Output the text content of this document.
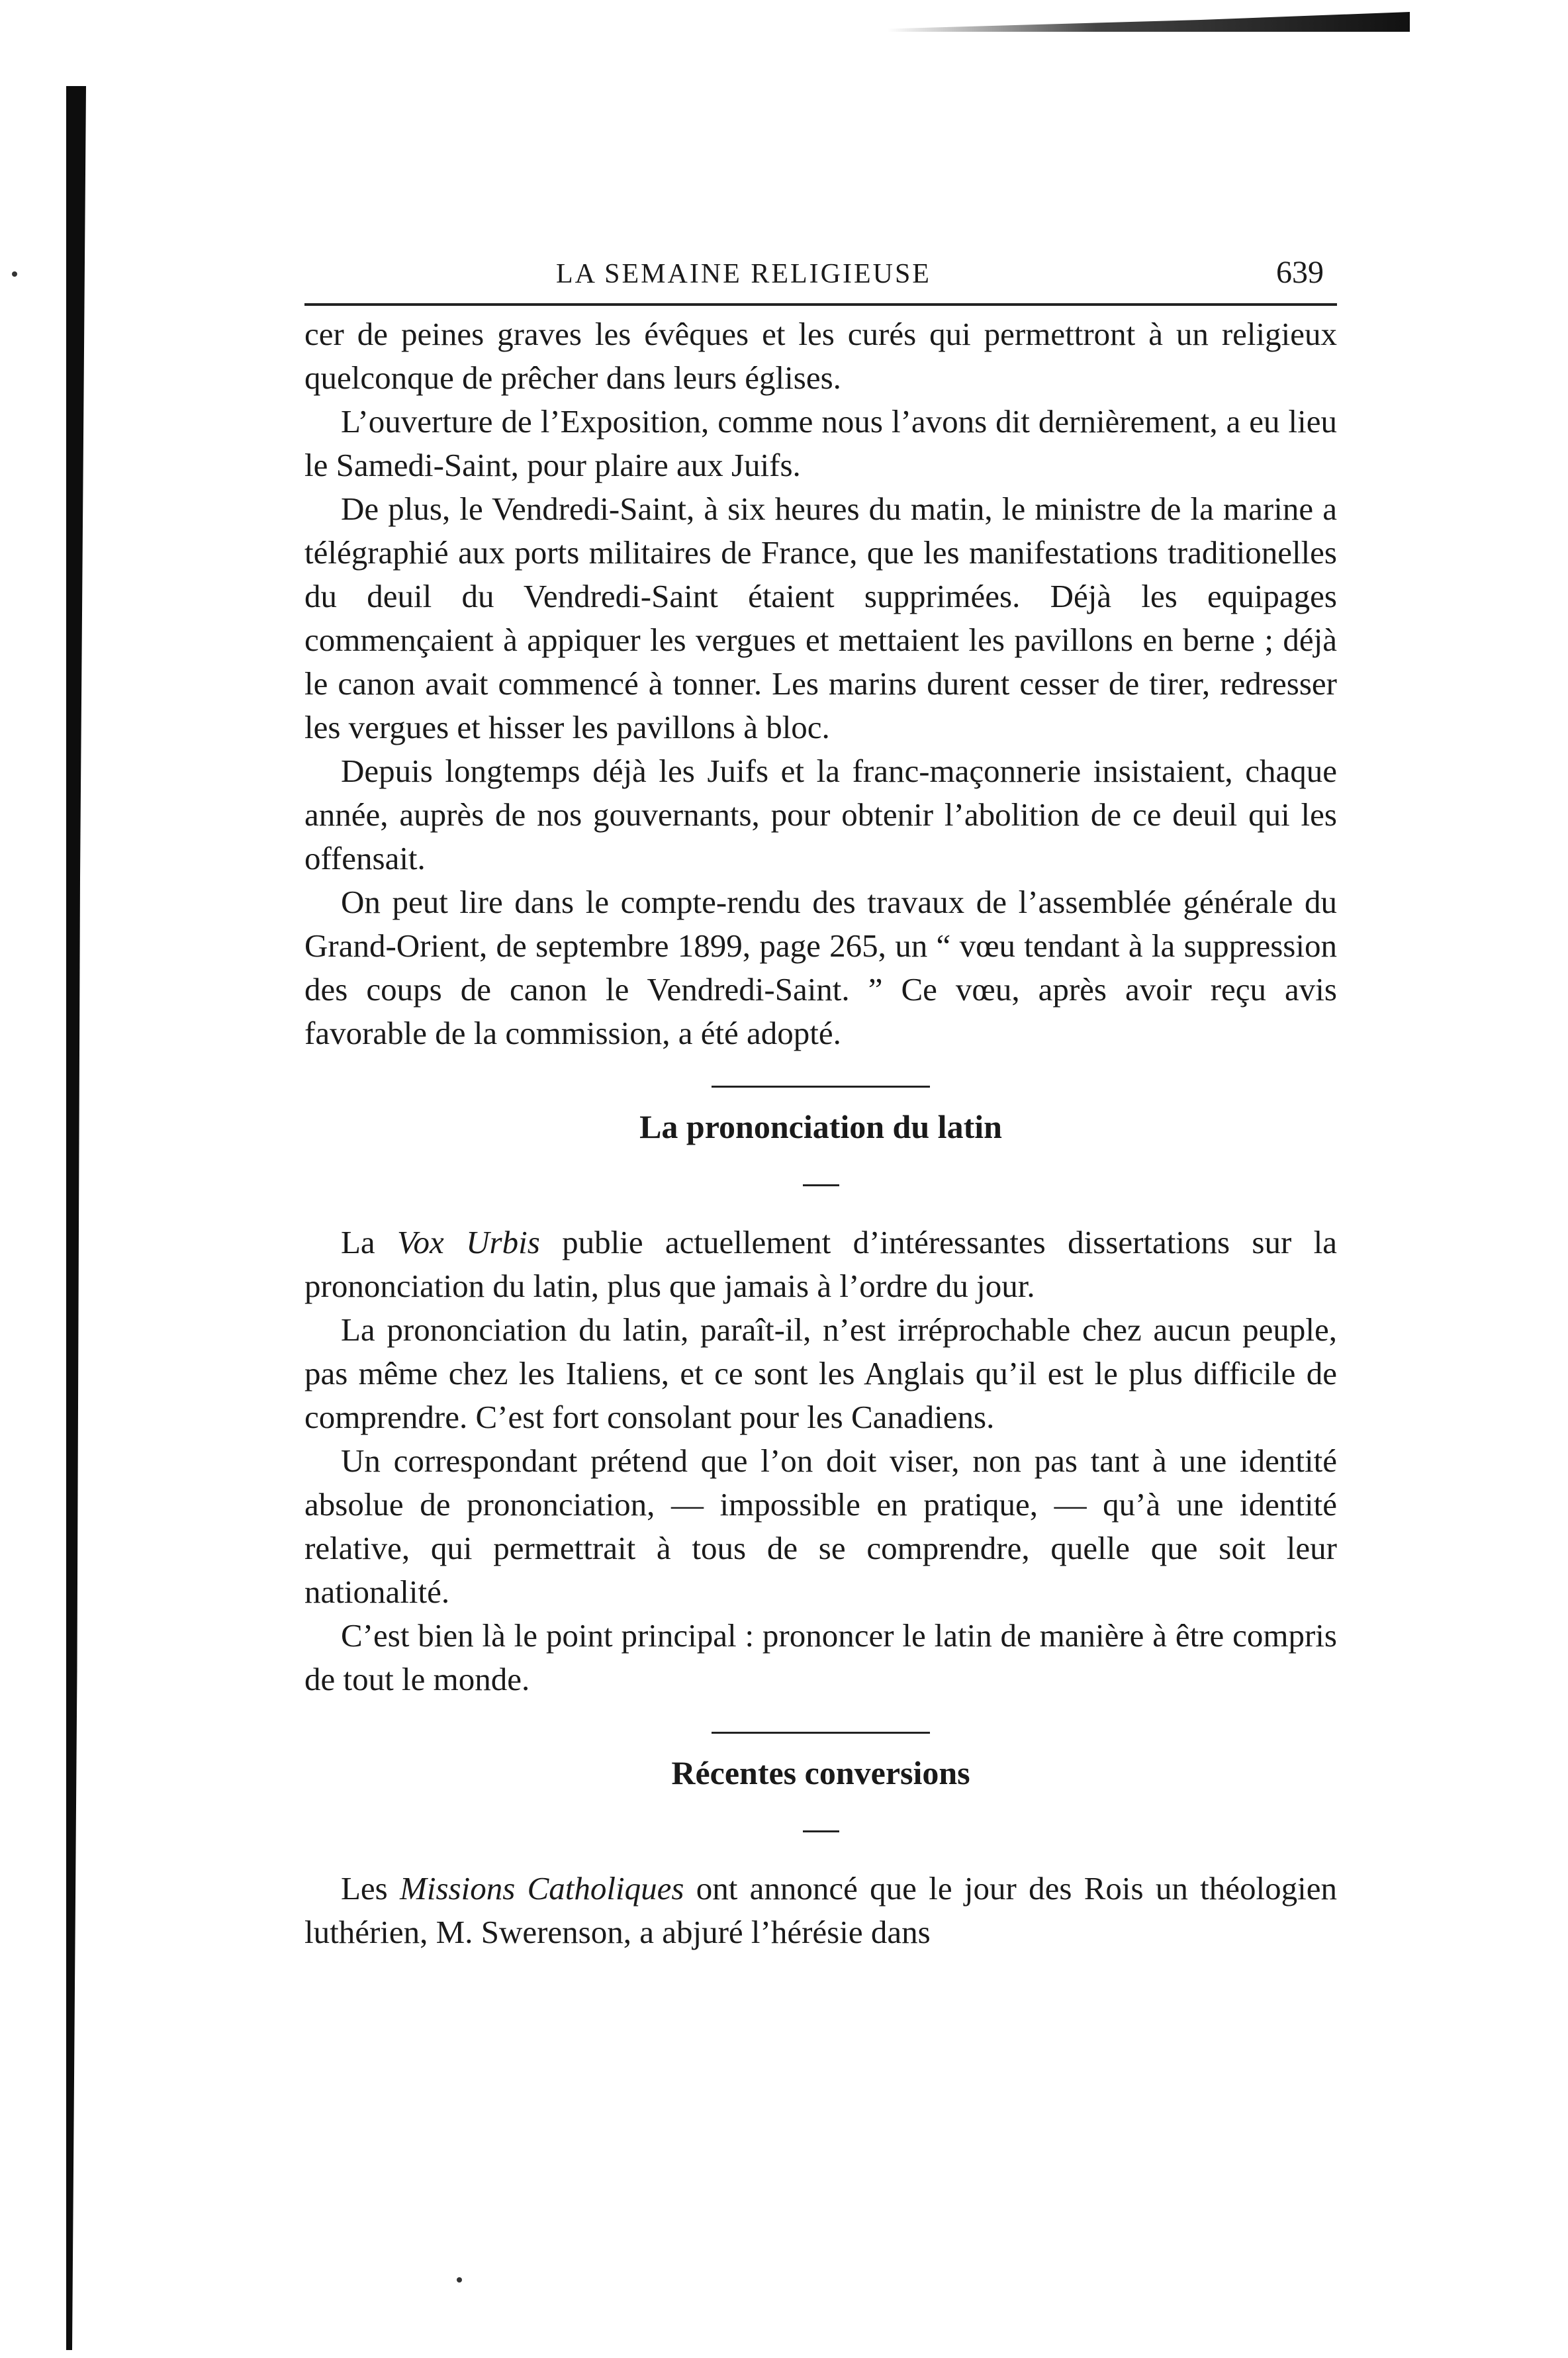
LA SEMAINE RELIGIEUSE	639

cer de peines graves les évêques et les curés qui permettront à un religieux quelconque de prêcher dans leurs églises.

L’ouverture de l’Exposition, comme nous l’avons dit dernièrement, a eu lieu le Samedi-Saint, pour plaire aux Juifs.

De plus, le Vendredi-Saint, à six heures du matin, le ministre de la marine a télégraphié aux ports militaires de France, que les manifestations traditionelles du deuil du Vendredi-Saint étaient supprimées. Déjà les equipages commençaient à appiquer les vergues et mettaient les pavillons en berne ; déjà le canon avait commencé à tonner. Les marins durent cesser de tirer, redresser les vergues et hisser les pavillons à bloc.

Depuis longtemps déjà les Juifs et la franc-maçonnerie insistaient, chaque année, auprès de nos gouvernants, pour obtenir l’abolition de ce deuil qui les offensait.

On peut lire dans le compte-rendu des travaux de l’assemblée générale du Grand-Orient, de septembre 1899, page 265, un “ vœu tendant à la suppression des coups de canon le Vendredi-Saint. ” Ce vœu, après avoir reçu avis favorable de la commission, a été adopté.

La prononciation du latin

La Vox Urbis publie actuellement d’intéressantes dissertations sur la prononciation du latin, plus que jamais à l’ordre du jour.

La prononciation du latin, paraît-il, n’est irréprochable chez aucun peuple, pas même chez les Italiens, et ce sont les Anglais qu’il est le plus difficile de comprendre. C’est fort consolant pour les Canadiens.

Un correspondant prétend que l’on doit viser, non pas tant à une identité absolue de prononciation, — impossible en pratique, — qu’à une identité relative, qui permettrait à tous de se comprendre, quelle que soit leur nationalité.

C’est bien là le point principal : prononcer le latin de manière à être compris de tout le monde.

Récentes conversions

Les Missions Catholiques ont annoncé que le jour des Rois un théologien luthérien, M. Swerenson, a abjuré l’hérésie dans
